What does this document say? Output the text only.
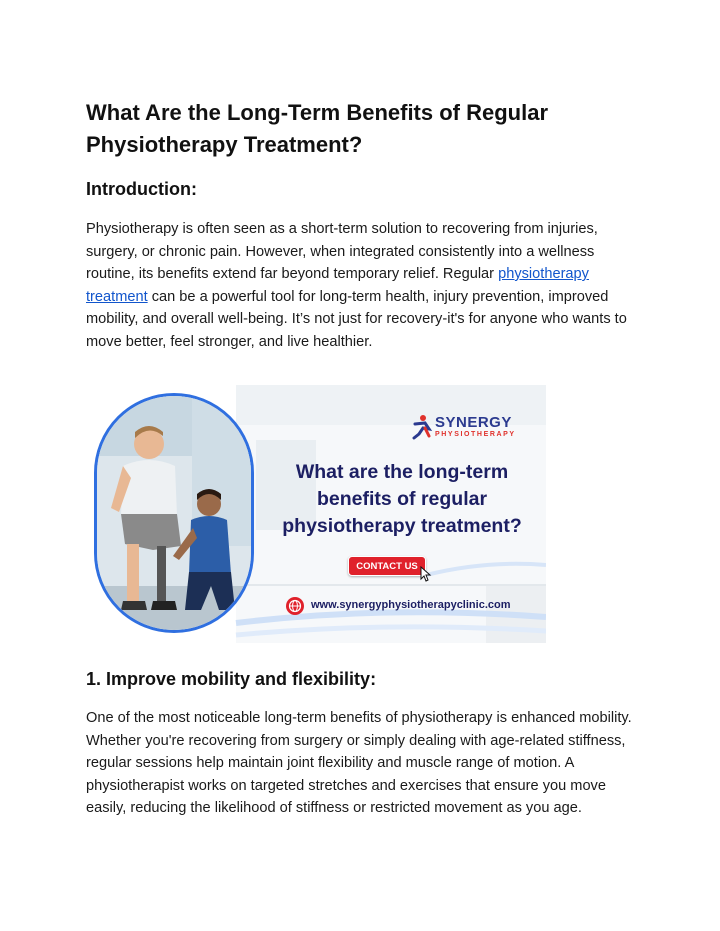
What Are the Long-Term Benefits of Regular Physiotherapy Treatment?
Introduction:

Physiotherapy is often seen as a short-term solution to recovering from injuries, surgery, or chronic pain. However, when integrated consistently into a wellness routine, its benefits extend far beyond temporary relief. Regular physiotherapy treatment can be a powerful tool for long-term health, injury prevention, improved mobility, and overall well-being. It’s not just for recovery-it's for anyone who wants to move better, feel stronger, and live healthier.

SYNERGY
PHYSIOTHERAPY
What are the long-term benefits of regular physiotherapy treatment?
CONTACT US
www.synergyphysiotherapyclinic.com
1. Improve mobility and flexibility:

One of the most noticeable long-term benefits of physiotherapy is enhanced mobility. Whether you're recovering from surgery or simply dealing with age-related stiffness, regular sessions help maintain joint flexibility and muscle range of motion. A physiotherapist works on targeted stretches and exercises that ensure you move easily, reducing the likelihood of stiffness or restricted movement as you age.
